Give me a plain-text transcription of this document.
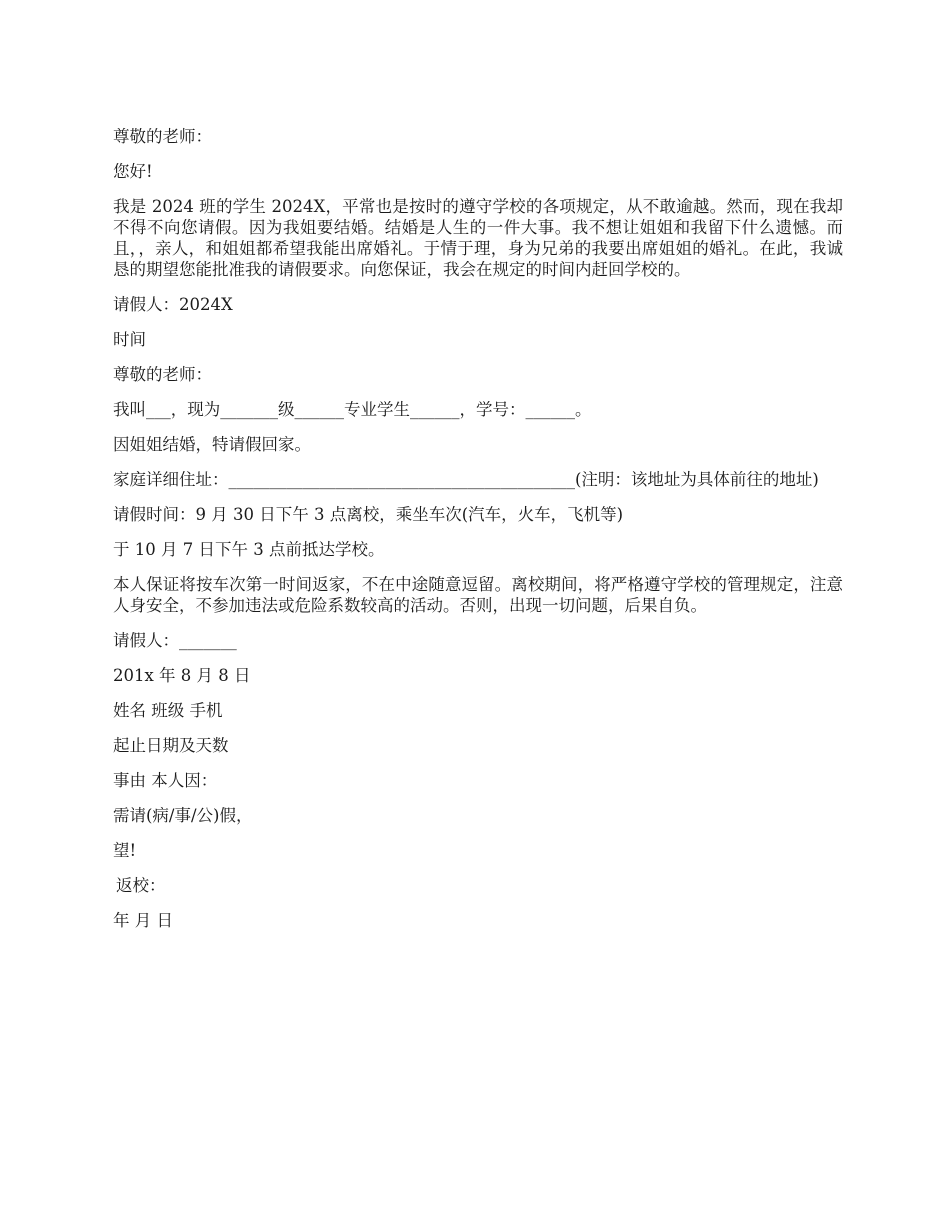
尊敬的老师：

您好!

我是 2024 班的学生 2024X，平常也是按时的遵守学校的各项规定，从不敢逾越。然而，现在我却不得不向您请假。因为我姐要结婚。结婚是人生的一件大事。我不想让姐姐和我留下什么遗憾。而且，，亲人，和姐姐都希望我能出席婚礼。于情于理，身为兄弟的我要出席姐姐的婚礼。在此，我诚恳的期望您能批准我的请假要求。向您保证，我会在规定的时间内赶回学校的。

请假人：2024X

时间

尊敬的老师：

我叫___，现为_______级______专业学生______，学号：______。

因姐姐结婚，特请假回家。

家庭详细住址：__________________________________________(注明：该地址为具体前往的地址)

请假时间：9 月 30 日下午 3 点离校，乘坐车次(汽车，火车，飞机等)

于 10 月 7 日下午 3 点前抵达学校。

本人保证将按车次第一时间返家，不在中途随意逗留。离校期间，将严格遵守学校的管理规定，注意人身安全，不参加违法或危险系数较高的活动。否则，出现一切问题，后果自负。

请假人：_______

201x 年 8 月 8 日

姓名 班级 手机

起止日期及天数

事由 本人因：

需请(病/事/公)假，

望!

返校：

年 月 日
